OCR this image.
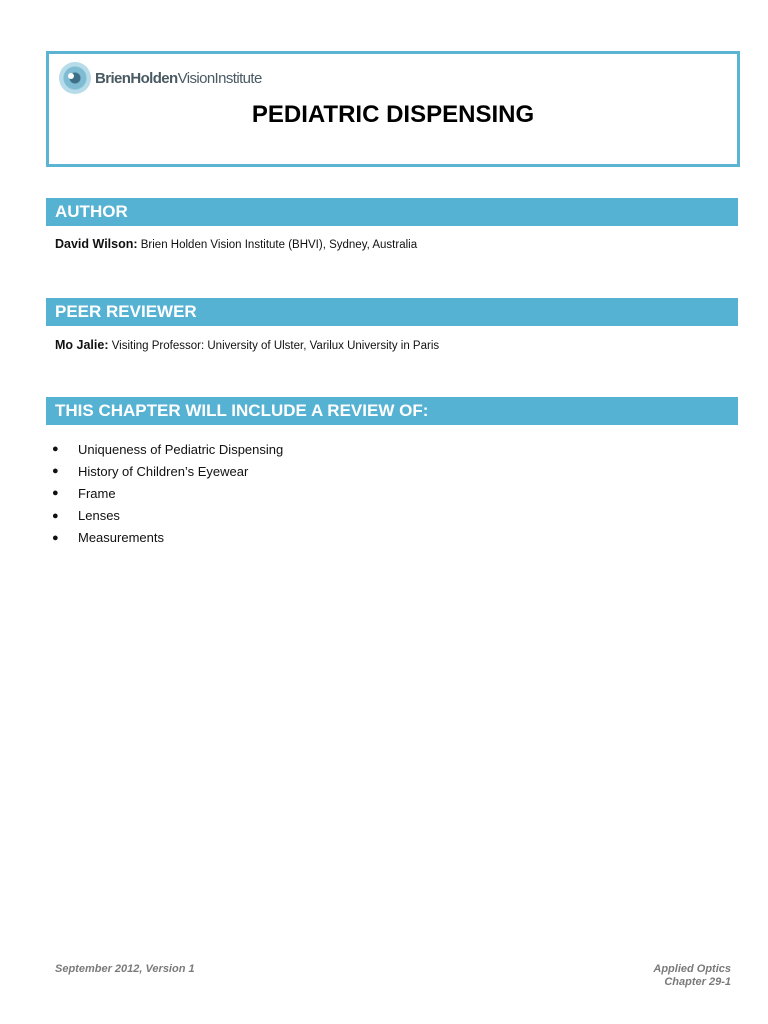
BrienHoldenVisionInstitute
PEDIATRIC DISPENSING
AUTHOR
David Wilson: Brien Holden Vision Institute (BHVI), Sydney, Australia
PEER REVIEWER
Mo Jalie: Visiting Professor: University of Ulster, Varilux University in Paris
THIS CHAPTER WILL INCLUDE A REVIEW OF:
●	Uniqueness of Pediatric Dispensing
●	History of Children’s Eyewear
●	Frame
●	Lenses
●	Measurements
September 2012, Version 1	Applied Optics
Chapter 29-1
